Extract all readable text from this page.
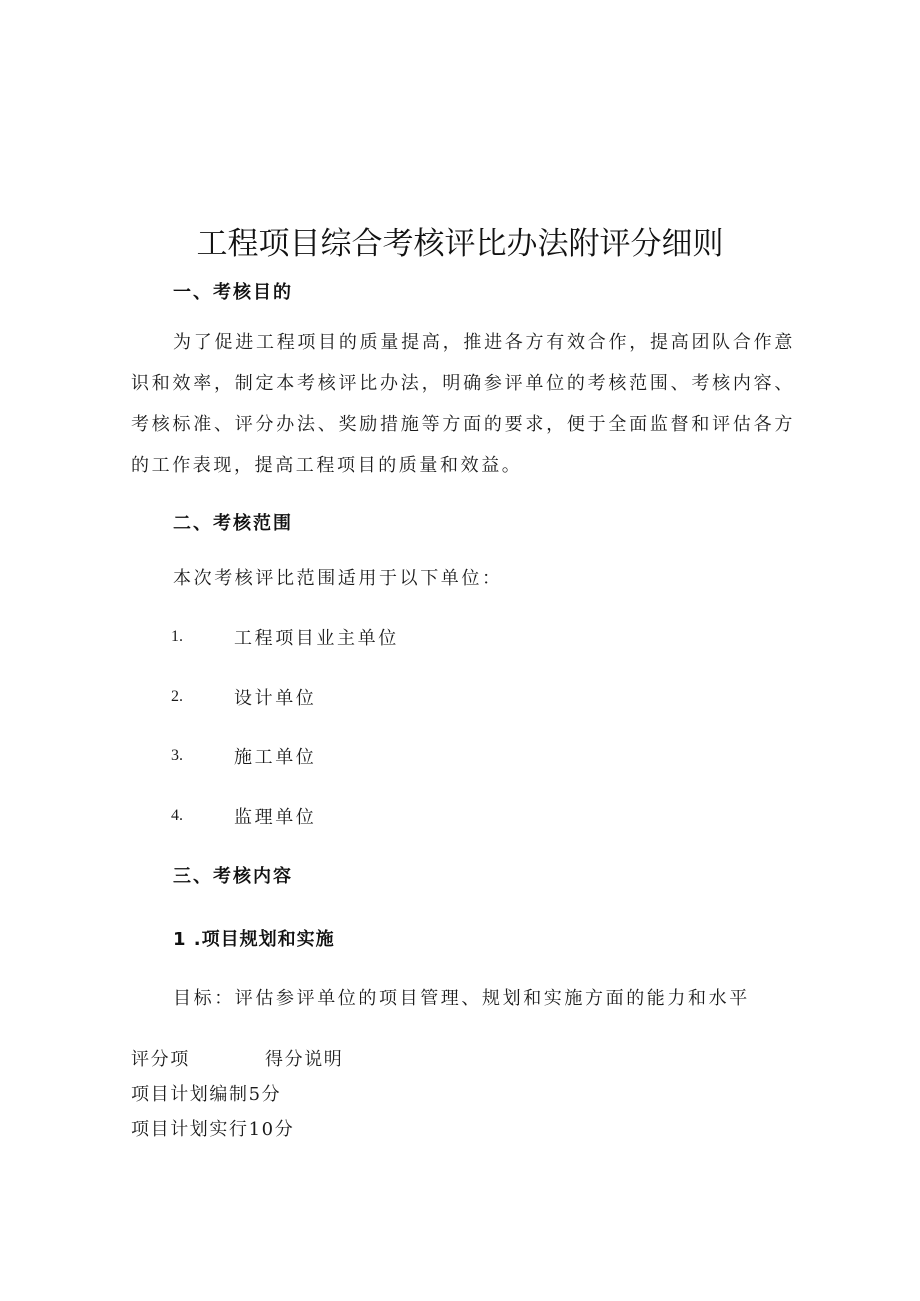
工程项目综合考核评比办法附评分细则
一、考核目的
为了促进工程项目的质量提高，推进各方有效合作，提高团队合作意识和效率，制定本考核评比办法，明确参评单位的考核范围、考核内容、考核标准、评分办法、奖励措施等方面的要求，便于全面监督和评估各方的工作表现，提高工程项目的质量和效益。
二、考核范围
本次考核评比范围适用于以下单位：
1.	工程项目业主单位
2.	设计单位
3.	施工单位
4.	监理单位
三、考核内容
1 .项目规划和实施
目标：评估参评单位的项目管理、规划和实施方面的能力和水平
评分项	得分说明
项目计划编制5分
项目计划实行10分
